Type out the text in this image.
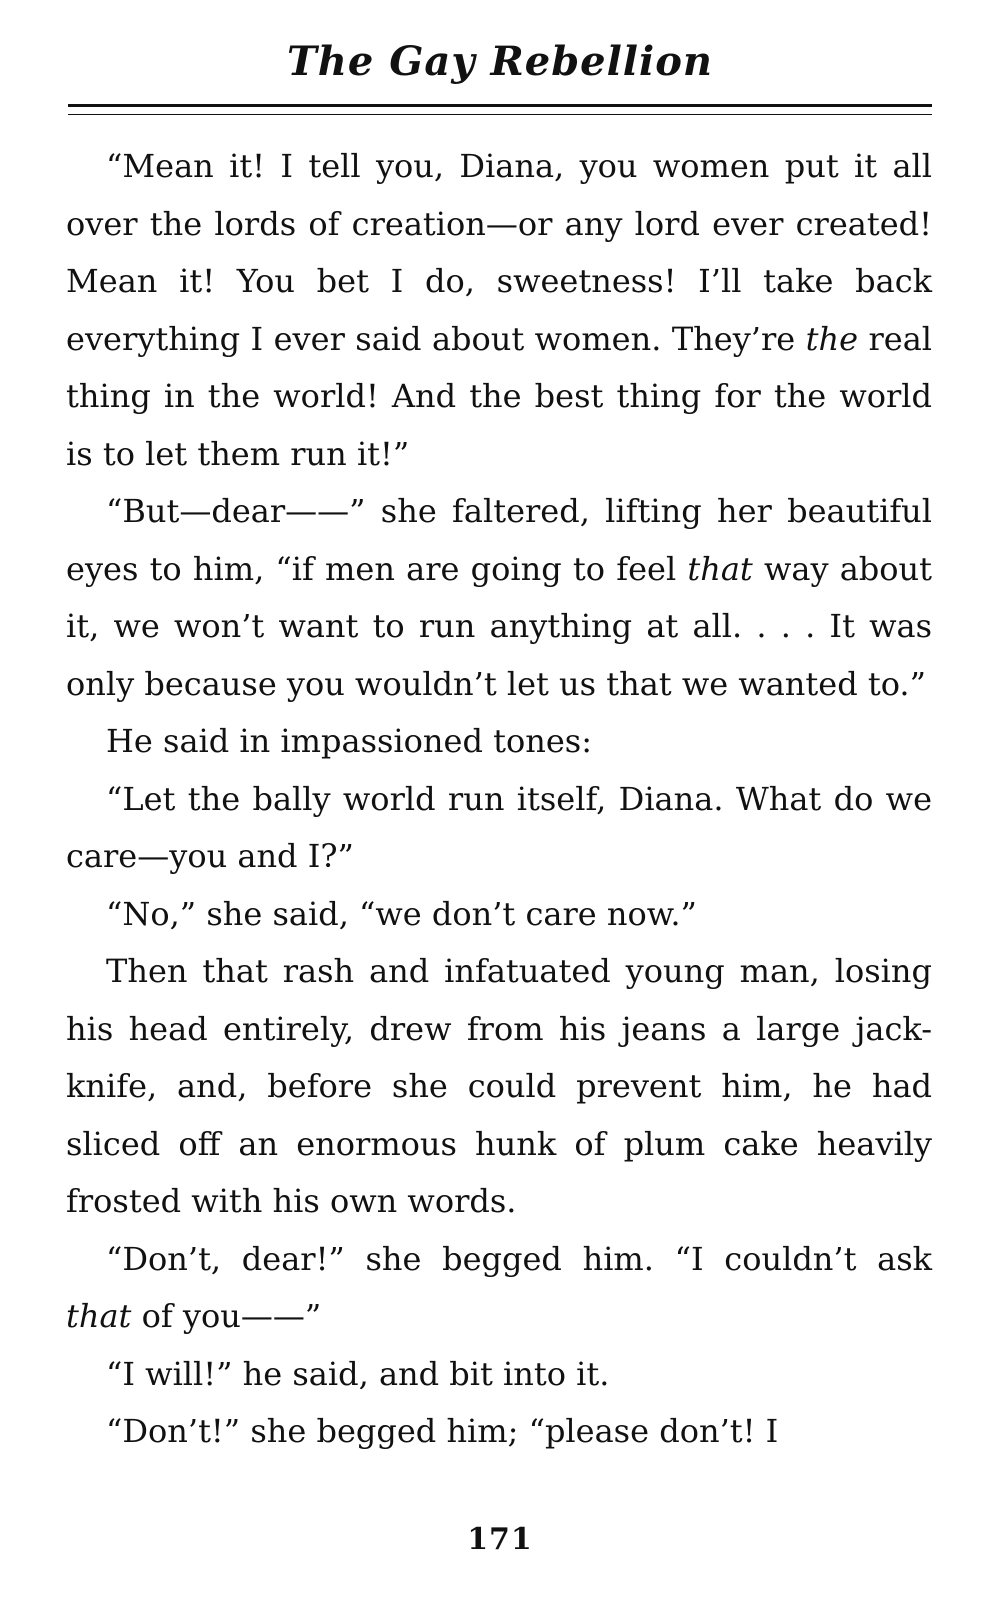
The Gay Rebellion

“Mean it! I tell you, Diana, you women put it all over the lords of creation—or any lord ever created! Mean it! You bet I do, sweetness! I’ll take back everything I ever said about women. They’re the real thing in the world! And the best thing for the world is to let them run it!”

“But—dear——” she faltered, lifting her beautiful eyes to him, “if men are going to feel that way about it, we won’t want to run anything at all. . . . It was only because you wouldn’t let us that we wanted to.”

He said in impassioned tones:

“Let the bally world run itself, Diana. What do we care—you and I?”

“No,” she said, “we don’t care now.”

Then that rash and infatuated young man, losing his head entirely, drew from his jeans a large jack-knife, and, before she could prevent him, he had sliced off an enormous hunk of plum cake heavily frosted with his own words.

“Don’t, dear!” she begged him. “I couldn’t ask that of you——”

“I will!” he said, and bit into it.

“Don’t!” she begged him; “please don’t! I

171
